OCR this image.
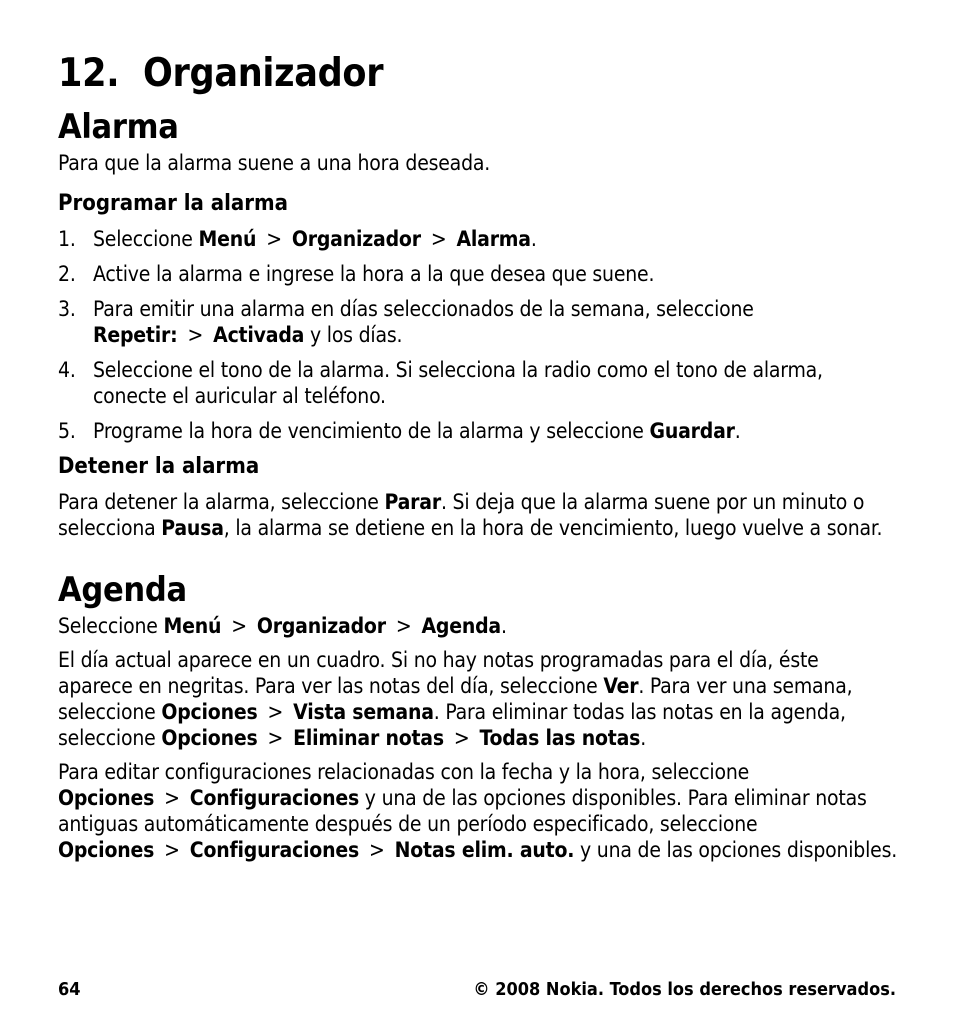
12. Organizador
Alarma

Para que la alarma suene a una hora deseada.

Programar la alarma
1. Seleccione Menú > Organizador > Alarma.
2. Active la alarma e ingrese la hora a la que desea que suene.
3. Para emitir una alarma en días seleccionados de la semana, seleccione Repetir: > Activada y los días.
4. Seleccione el tono de la alarma. Si selecciona la radio como el tono de alarma, conecte el auricular al teléfono.
5. Programe la hora de vencimiento de la alarma y seleccione Guardar.
Detener la alarma

Para detener la alarma, seleccione Parar. Si deja que la alarma suene por un minuto o selecciona Pausa, la alarma se detiene en la hora de vencimiento, luego vuelve a sonar.

Agenda

Seleccione Menú > Organizador > Agenda.

El día actual aparece en un cuadro. Si no hay notas programadas para el día, éste aparece en negritas. Para ver las notas del día, seleccione Ver. Para ver una semana, seleccione Opciones > Vista semana. Para eliminar todas las notas en la agenda, seleccione Opciones > Eliminar notas > Todas las notas.

Para editar configuraciones relacionadas con la fecha y la hora, seleccione Opciones > Configuraciones y una de las opciones disponibles. Para eliminar notas antiguas automáticamente después de un período especificado, seleccione Opciones > Configuraciones > Notas elim. auto. y una de las opciones disponibles.

64	© 2008 Nokia. Todos los derechos reservados.
